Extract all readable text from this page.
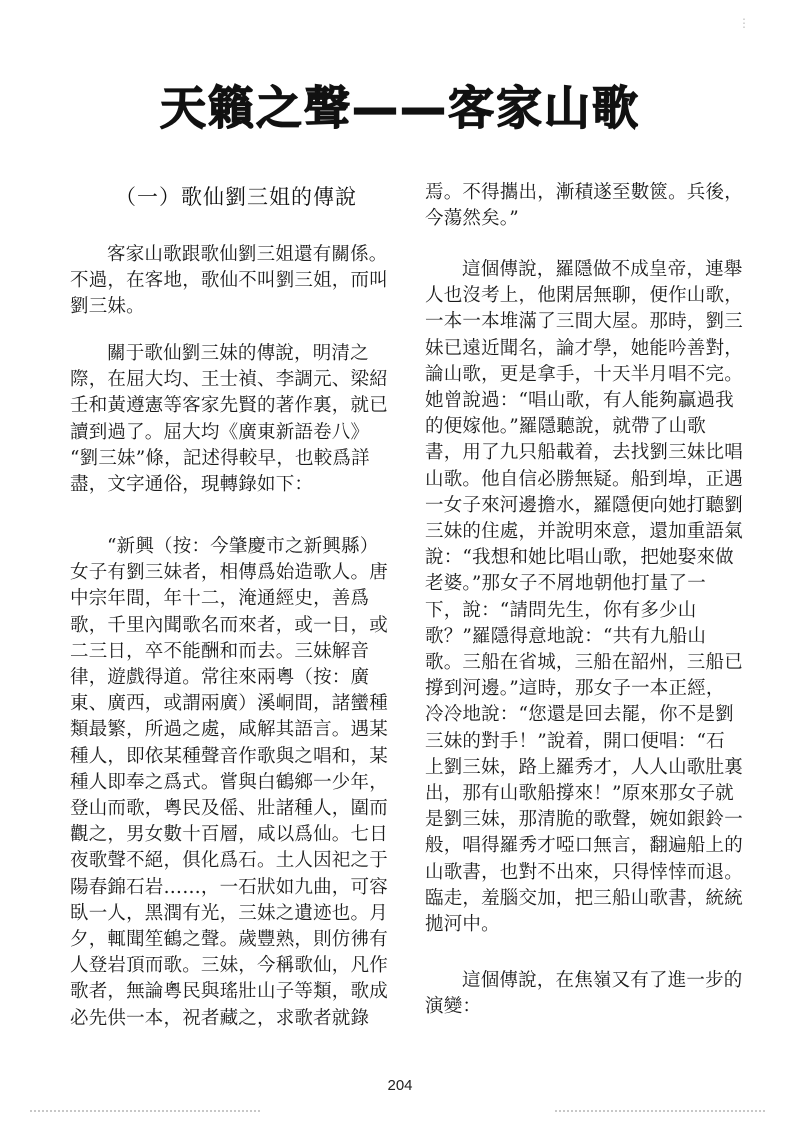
⋮
天籟之聲——客家山歌
（一）歌仙劉三姐的傳說
客家山歌跟歌仙劉三姐還有關係。
不過，在客地，歌仙不叫劉三姐，而叫
劉三妹。
關于歌仙劉三妹的傳說，明清之
際，在屈大均、王士禎、李調元、梁紹
壬和黃遵憲等客家先賢的著作裏，就已
讀到過了。屈大均《廣東新語卷八》
“劉三妹”條，記述得較早，也較爲詳
盡，文字通俗，現轉錄如下：
“新興（按：今肇慶市之新興縣）
女子有劉三妹者，相傳爲始造歌人。唐
中宗年間，年十二，淹通經史，善爲
歌，千里內聞歌名而來者，或一日，或
二三日，卒不能酬和而去。三妹解音
律，遊戲得道。常往來兩粵（按：廣
東、廣西，或謂兩廣）溪峒間，諸蠻種
類最繁，所過之處，咸解其語言。遇某
種人，即依某種聲音作歌與之唱和，某
種人即奉之爲式。嘗與白鶴鄉一少年，
登山而歌，粵民及傜、壯諸種人，圍而
觀之，男女數十百層，咸以爲仙。七日
夜歌聲不絕，俱化爲石。土人因祀之于
陽春錦石岩……，一石狀如九曲，可容
臥一人，黑潤有光，三妹之遺迹也。月
夕，輒聞笙鶴之聲。歲豐熟，則仿彿有
人登岩頂而歌。三妹，今稱歌仙，凡作
歌者，無論粵民與瑤壯山子等類，歌成
必先供一本，祝者藏之，求歌者就錄
焉。不得攜出，漸積遂至數篋。兵後，
今蕩然矣。”
這個傳說，羅隱做不成皇帝，連舉
人也沒考上，他閑居無聊，便作山歌，
一本一本堆滿了三間大屋。那時，劉三
妹已遠近聞名，論才學，她能吟善對，
論山歌，更是拿手，十天半月唱不完。
她曾說過：“唱山歌，有人能夠贏過我
的便嫁他。”羅隱聽說，就帶了山歌
書，用了九只船載着，去找劉三妹比唱
山歌。他自信必勝無疑。船到埠，正遇
一女子來河邊擔水，羅隱便向她打聽劉
三妹的住處，并說明來意，還加重語氣
說：“我想和她比唱山歌，把她娶來做
老婆。”那女子不屑地朝他打量了一
下，說：“請問先生，你有多少山
歌？”羅隱得意地說：“共有九船山
歌。三船在省城，三船在韶州，三船已
撐到河邊。”這時，那女子一本正經，
冷冷地說：“您還是回去罷，你不是劉
三妹的對手！”說着，開口便唱：“石
上劉三妹，路上羅秀才，人人山歌肚裏
出，那有山歌船撐來！”原來那女子就
是劉三妹，那清脆的歌聲，婉如銀鈴一
般，唱得羅秀才啞口無言，翻遍船上的
山歌書，也對不出來，只得悻悻而退。
臨走，羞腦交加，把三船山歌書，統統
拋河中。
這個傳說，在焦嶺又有了進一步的
演變：
204
